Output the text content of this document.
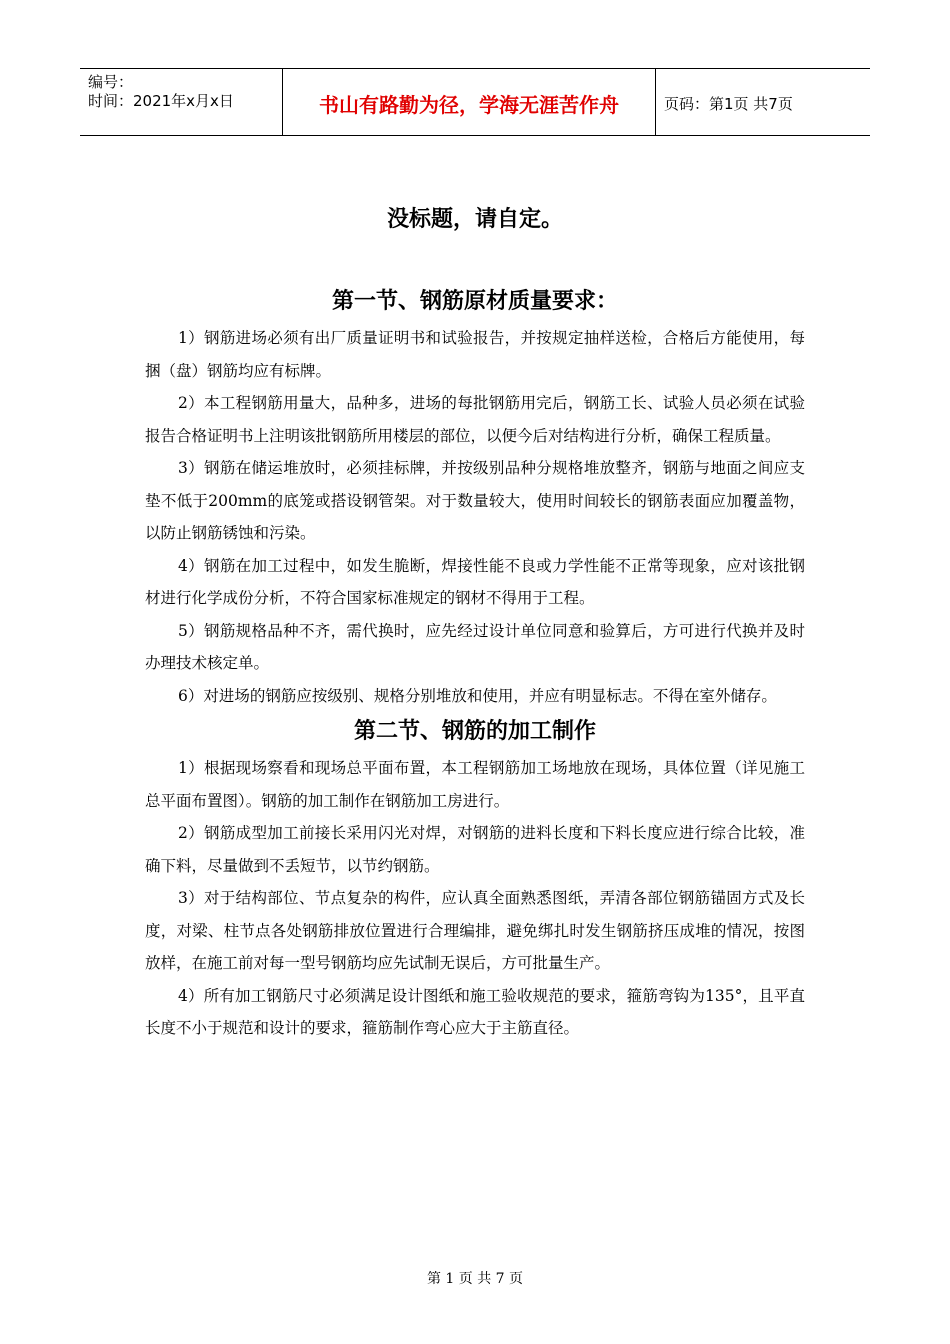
编号：
时间：2021年x月x日	书山有路勤为径，学海无涯苦作舟	页码：第1页 共7页
没标题，请自定。
第一节、钢筋原材质量要求：

1）钢筋进场必须有出厂质量证明书和试验报告，并按规定抽样送检，合格后方能使用，每捆（盘）钢筋均应有标牌。

2）本工程钢筋用量大，品种多，进场的每批钢筋用完后，钢筋工长、试验人员必须在试验报告合格证明书上注明该批钢筋所用楼层的部位，以便今后对结构进行分析，确保工程质量。

3）钢筋在储运堆放时，必须挂标牌，并按级别品种分规格堆放整齐，钢筋与地面之间应支垫不低于200mm的底笼或搭设钢管架。对于数量较大，使用时间较长的钢筋表面应加覆盖物，以防止钢筋锈蚀和污染。

4）钢筋在加工过程中，如发生脆断，焊接性能不良或力学性能不正常等现象，应对该批钢材进行化学成份分析，不符合国家标准规定的钢材不得用于工程。

5）钢筋规格品种不齐，需代换时，应先经过设计单位同意和验算后，方可进行代换并及时办理技术核定单。

6）对进场的钢筋应按级别、规格分别堆放和使用，并应有明显标志。不得在室外储存。

第二节、钢筋的加工制作

1）根据现场察看和现场总平面布置，本工程钢筋加工场地放在现场，具体位置（详见施工总平面布置图）。钢筋的加工制作在钢筋加工房进行。

2）钢筋成型加工前接长采用闪光对焊，对钢筋的进料长度和下料长度应进行综合比较，准确下料，尽量做到不丢短节，以节约钢筋。

3）对于结构部位、节点复杂的构件，应认真全面熟悉图纸，弄清各部位钢筋锚固方式及长度，对梁、柱节点各处钢筋排放位置进行合理编排，避免绑扎时发生钢筋挤压成堆的情况，按图放样，在施工前对每一型号钢筋均应先试制无误后，方可批量生产。

4）所有加工钢筋尺寸必须满足设计图纸和施工验收规范的要求，箍筋弯钩为135°，且平直长度不小于规范和设计的要求，箍筋制作弯心应大于主筋直径。

第 1 页 共 7 页
